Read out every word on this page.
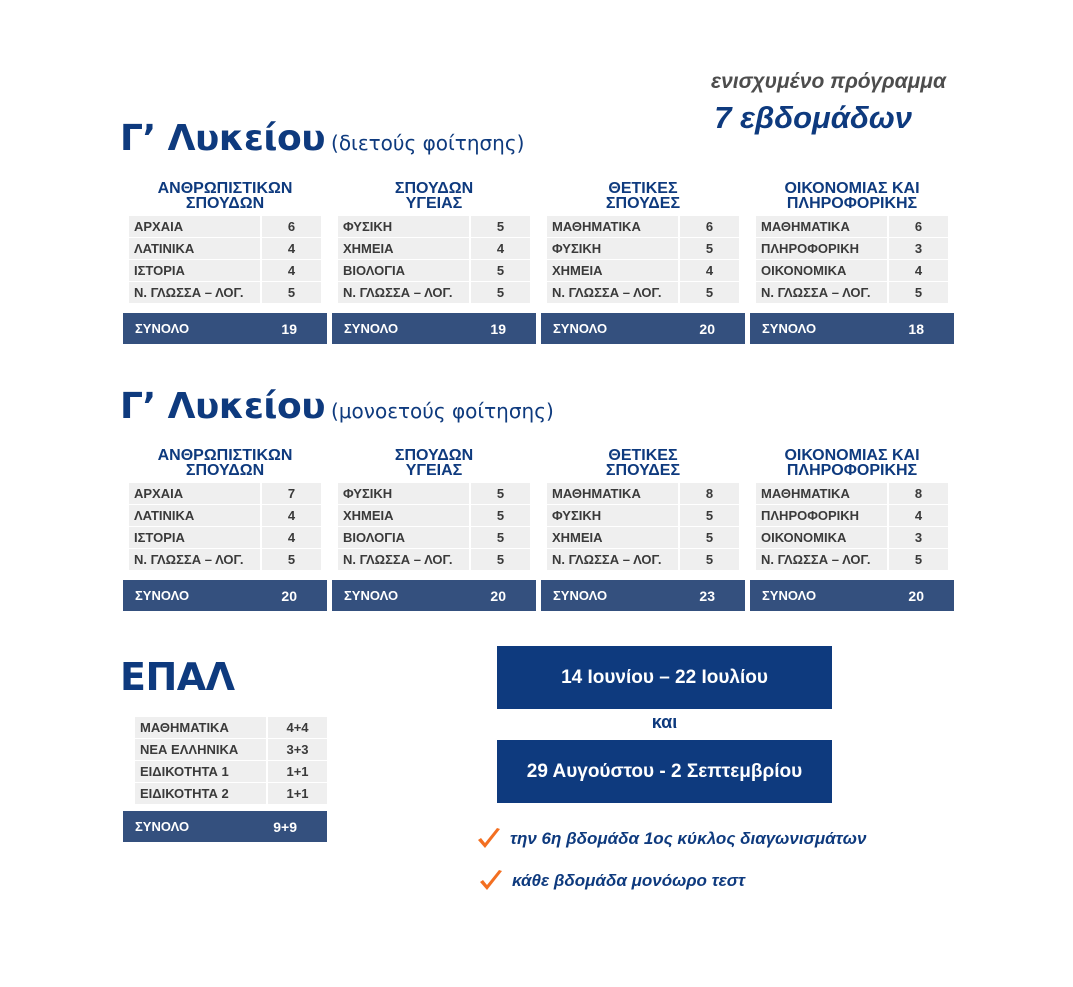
ενισχυμένο πρόγραμμα
7 εβδομάδων
Γ’ Λυκείου (διετούς φοίτησης)
Γ’ Λυκείου (μονοετούς φοίτησης)
ΑΝΘΡΩΠΙΣΤΙΚΩΝ
ΣΠΟΥΔΩΝ
ΑΡΧΑΙΑ	6
ΛΑΤΙΝΙΚΑ	4
ΙΣΤΟΡΙΑ	4
Ν. ΓΛΩΣΣΑ – ΛΟΓ.	5
ΣΥΝΟΛΟ	19
ΣΠΟΥΔΩΝ
ΥΓΕΙΑΣ
ΦΥΣΙΚΗ	5
ΧΗΜΕΙΑ	4
ΒΙΟΛΟΓΙΑ	5
Ν. ΓΛΩΣΣΑ – ΛΟΓ.	5
ΣΥΝΟΛΟ	19
ΘΕΤΙΚΕΣ
ΣΠΟΥΔΕΣ
ΜΑΘΗΜΑΤΙΚΑ	6
ΦΥΣΙΚΗ	5
ΧΗΜΕΙΑ	4
Ν. ΓΛΩΣΣΑ – ΛΟΓ.	5
ΣΥΝΟΛΟ	20
ΟΙΚΟΝΟΜΙΑΣ ΚΑΙ
ΠΛΗΡΟΦΟΡΙΚΗΣ
ΜΑΘΗΜΑΤΙΚΑ	6
ΠΛΗΡΟΦΟΡΙΚΗ	3
ΟΙΚΟΝΟΜΙΚΑ	4
Ν. ΓΛΩΣΣΑ – ΛΟΓ.	5
ΣΥΝΟΛΟ	18
ΑΝΘΡΩΠΙΣΤΙΚΩΝ
ΣΠΟΥΔΩΝ
ΑΡΧΑΙΑ	7
ΛΑΤΙΝΙΚΑ	4
ΙΣΤΟΡΙΑ	4
Ν. ΓΛΩΣΣΑ – ΛΟΓ.	5
ΣΥΝΟΛΟ	20
ΣΠΟΥΔΩΝ
ΥΓΕΙΑΣ
ΦΥΣΙΚΗ	5
ΧΗΜΕΙΑ	5
ΒΙΟΛΟΓΙΑ	5
Ν. ΓΛΩΣΣΑ – ΛΟΓ.	5
ΣΥΝΟΛΟ	20
ΘΕΤΙΚΕΣ
ΣΠΟΥΔΕΣ
ΜΑΘΗΜΑΤΙΚΑ	8
ΦΥΣΙΚΗ	5
ΧΗΜΕΙΑ	5
Ν. ΓΛΩΣΣΑ – ΛΟΓ.	5
ΣΥΝΟΛΟ	23
ΟΙΚΟΝΟΜΙΑΣ ΚΑΙ
ΠΛΗΡΟΦΟΡΙΚΗΣ
ΜΑΘΗΜΑΤΙΚΑ	8
ΠΛΗΡΟΦΟΡΙΚΗ	4
ΟΙΚΟΝΟΜΙΚΑ	3
Ν. ΓΛΩΣΣΑ – ΛΟΓ.	5
ΣΥΝΟΛΟ	20
ΕΠΑΛ
ΜΑΘΗΜΑΤΙΚΑ	4+4
ΝΕΑ ΕΛΛΗΝΙΚΑ	3+3
ΕΙΔΙΚΟΤΗΤΑ 1	1+1
ΕΙΔΙΚΟΤΗΤΑ 2	1+1
ΣΥΝΟΛΟ	9+9
14 Ιουνίου – 22 Ιουλίου
και
29 Αυγούστου - 2 Σεπτεμβρίου
την 6η βδομάδα 1ος κύκλος διαγωνισμάτων
κάθε βδομάδα μονόωρο τεστ
